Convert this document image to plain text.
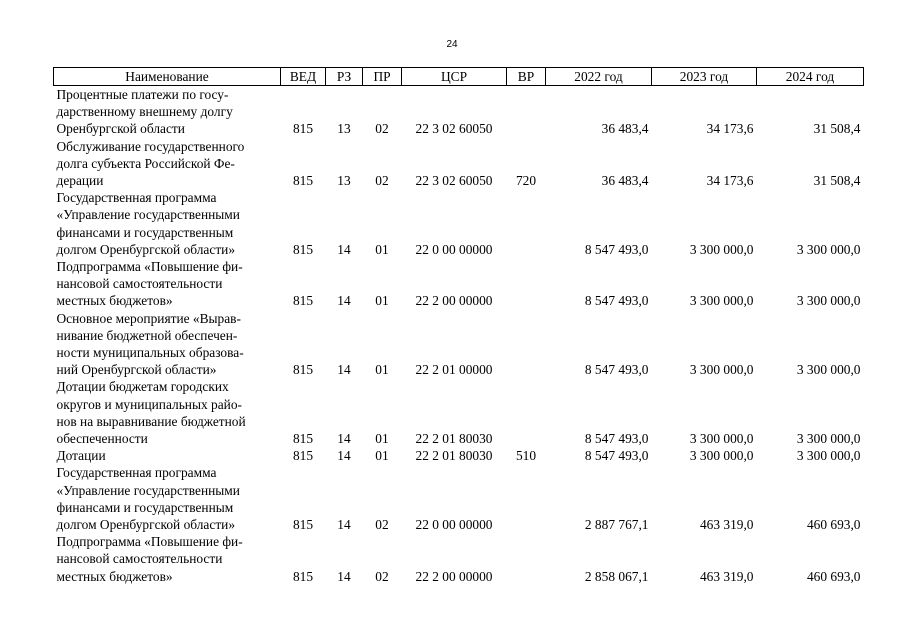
24
Наименование	ВЕД	РЗ	ПР	ЦСР	ВР	2022 год	2023 год	2024 год

Процентные платежи по госу-
дарственному внешнему долгу
Оренбургской области	815	13	02	22 3 02 60050		36 483,4	34 173,6	31 508,4

Обслуживание государственного
долга субъекта Российской Фе-
дерации	815	13	02	22 3 02 60050	720	36 483,4	34 173,6	31 508,4

Государственная программа
«Управление государственными
финансами и государственным
долгом Оренбургской области»	815	14	01	22 0 00 00000		8 547 493,0	3 300 000,0	3 300 000,0

Подпрограмма «Повышение фи-
нансовой самостоятельности
местных бюджетов»	815	14	01	22 2 00 00000		8 547 493,0	3 300 000,0	3 300 000,0

Основное мероприятие «Вырав-
нивание бюджетной обеспечен-
ности муниципальных образова-
ний Оренбургской области»	815	14	01	22 2 01 00000		8 547 493,0	3 300 000,0	3 300 000,0

Дотации бюджетам городских
округов и муниципальных райо-
нов на выравнивание бюджетной
обеспеченности	815	14	01	22 2 01 80030		8 547 493,0	3 300 000,0	3 300 000,0

Дотации	815	14	01	22 2 01 80030	510	8 547 493,0	3 300 000,0	3 300 000,0

Государственная программа
«Управление государственными
финансами и государственным
долгом Оренбургской области»	815	14	02	22 0 00 00000		2 887 767,1	463 319,0	460 693,0

Подпрограмма «Повышение фи-
нансовой самостоятельности
местных бюджетов»	815	14	02	22 2 00 00000		2 858 067,1	463 319,0	460 693,0
